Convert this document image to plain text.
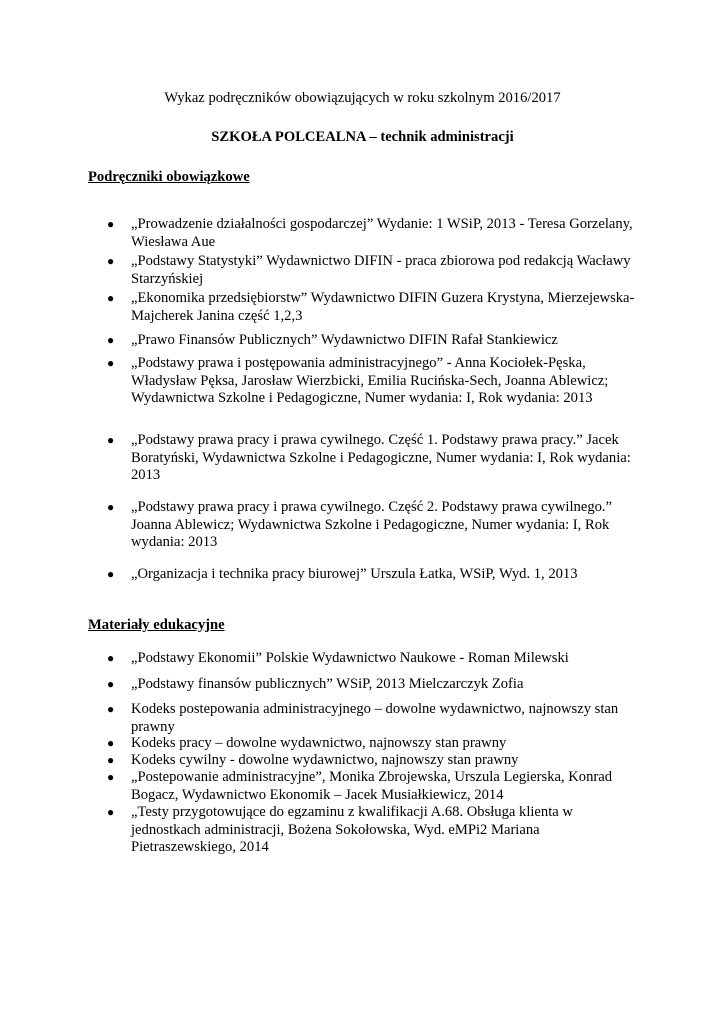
Wykaz podręczników obowiązujących w roku szkolnym 2016/2017
SZKOŁA POLCEALNA – technik administracji
Podręczniki obowiązkowe
● „Prowadzenie działalności gospodarczej” Wydanie: 1 WSiP, 2013 - Teresa Gorzelany, Wiesława Aue
● „Podstawy Statystyki” Wydawnictwo DIFIN - praca zbiorowa pod redakcją Wacławy Starzyńskiej
● „Ekonomika przedsiębiorstw” Wydawnictwo DIFIN Guzera Krystyna, Mierzejewska-Majcherek Janina część 1,2,3
● „Prawo Finansów Publicznych” Wydawnictwo DIFIN Rafał Stankiewicz
● „Podstawy prawa i postępowania administracyjnego” - Anna Kociołek-Pęska, Władysław Pęksa, Jarosław Wierzbicki, Emilia Rucińska-Sech, Joanna Ablewicz; Wydawnictwa Szkolne i Pedagogiczne, Numer wydania: I, Rok wydania: 2013
● „Podstawy prawa pracy i prawa cywilnego. Część 1. Podstawy prawa pracy.” Jacek Boratyński, Wydawnictwa Szkolne i Pedagogiczne, Numer wydania: I, Rok wydania: 2013
● „Podstawy prawa pracy i prawa cywilnego. Część 2. Podstawy prawa cywilnego.” Joanna Ablewicz; Wydawnictwa Szkolne i Pedagogiczne, Numer wydania: I, Rok wydania: 2013
● „Organizacja i technika pracy biurowej” Urszula Łatka, WSiP, Wyd. 1, 2013
Materiały edukacyjne
● „Podstawy Ekonomii” Polskie Wydawnictwo Naukowe - Roman Milewski
● „Podstawy finansów publicznych” WSiP, 2013 Mielczarczyk Zofia
● Kodeks postepowania administracyjnego – dowolne wydawnictwo, najnowszy stan prawny
● Kodeks pracy – dowolne wydawnictwo, najnowszy stan prawny
● Kodeks cywilny - dowolne wydawnictwo, najnowszy stan prawny
● „Postepowanie administracyjne”, Monika Zbrojewska, Urszula Legierska, Konrad Bogacz, Wydawnictwo Ekonomik – Jacek Musiałkiewicz, 2014
● „Testy przygotowujące do egzaminu z kwalifikacji A.68. Obsługa klienta w jednostkach administracji, Bożena Sokołowska, Wyd. eMPi2 Mariana Pietraszewskiego, 2014
